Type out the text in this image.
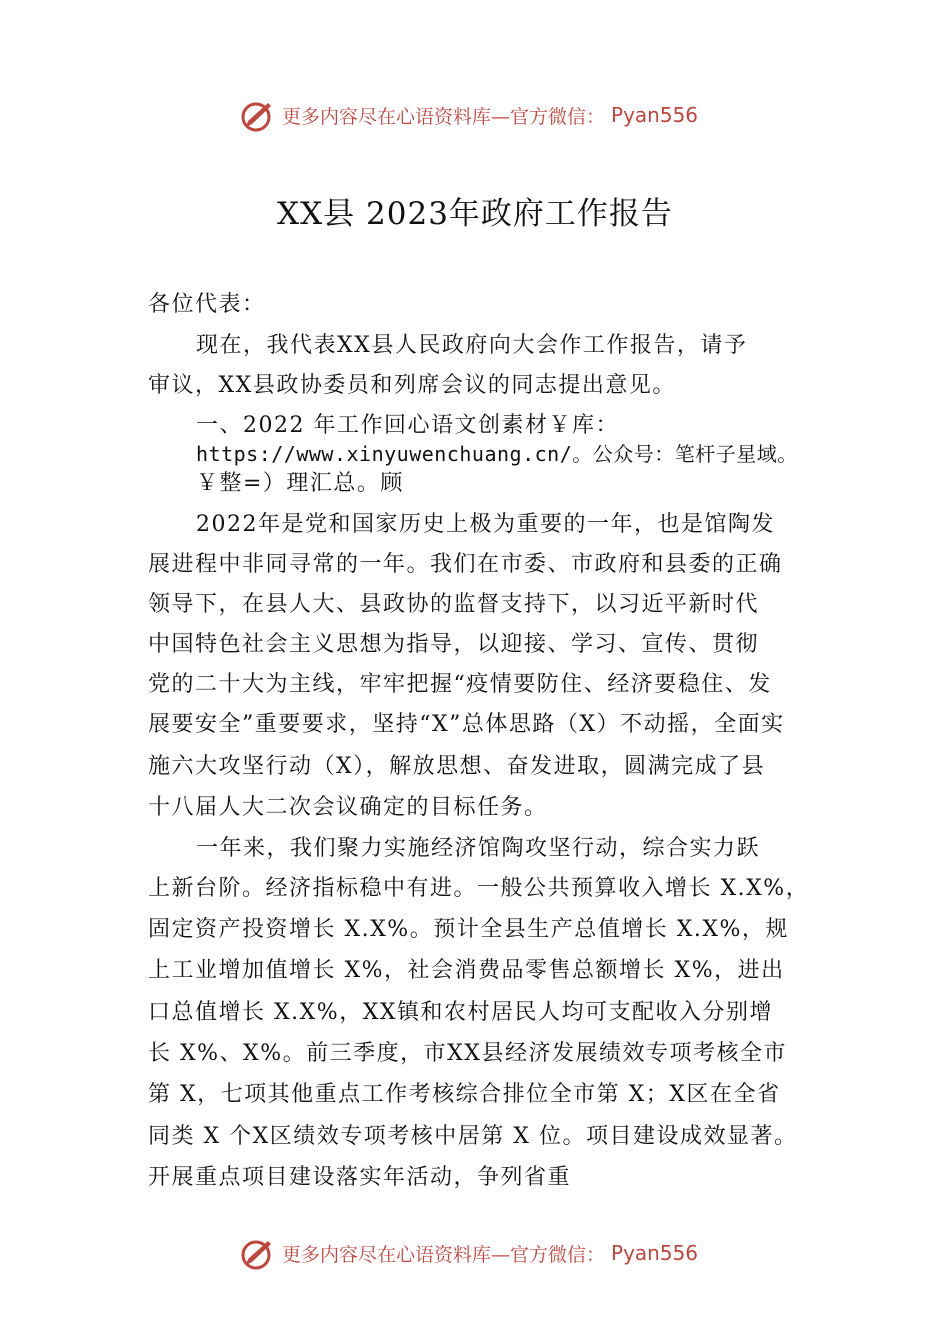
更多内容尽在心语资料库—官方微信： Pyan556
XX县 2023年政府工作报告
各位代表：
现在，我代表XX县人民政府向大会作工作报告，请予
审议，XX县政协委员和列席会议的同志提出意见。
一、2022 年工作回心语文创素材￥库：
https://www.xinyuwenchuang.cn/。公众号：笔杆子星域。
￥整=）理汇总。顾
2022年是党和国家历史上极为重要的一年，也是馆陶发
展进程中非同寻常的一年。我们在市委、市政府和县委的正确
领导下，在县人大、县政协的监督支持下，以习近平新时代
中国特色社会主义思想为指导，以迎接、学习、宣传、贯彻
党的二十大为主线，牢牢把握“疫情要防住、经济要稳住、发
展要安全”重要要求，坚持“X”总体思路（X）不动摇，全面实
施六大攻坚行动（X），解放思想、奋发进取，圆满完成了县
十八届人大二次会议确定的目标任务。
一年来，我们聚力实施经济馆陶攻坚行动，综合实力跃
上新台阶。经济指标稳中有进。一般公共预算收入增长 X.X%，
固定资产投资增长 X.X%。预计全县生产总值增长 X.X%，规
上工业增加值增长 X%，社会消费品零售总额增长 X%，进出
口总值增长 X.X%，XX镇和农村居民人均可支配收入分别增
长 X%、X%。前三季度，市XX县经济发展绩效专项考核全市
第 X，七项其他重点工作考核综合排位全市第 X；X区在全省
同类 X 个X区绩效专项考核中居第 X 位。项目建设成效显著。
开展重点项目建设落实年活动，争列省重
更多内容尽在心语资料库—官方微信： Pyan556
